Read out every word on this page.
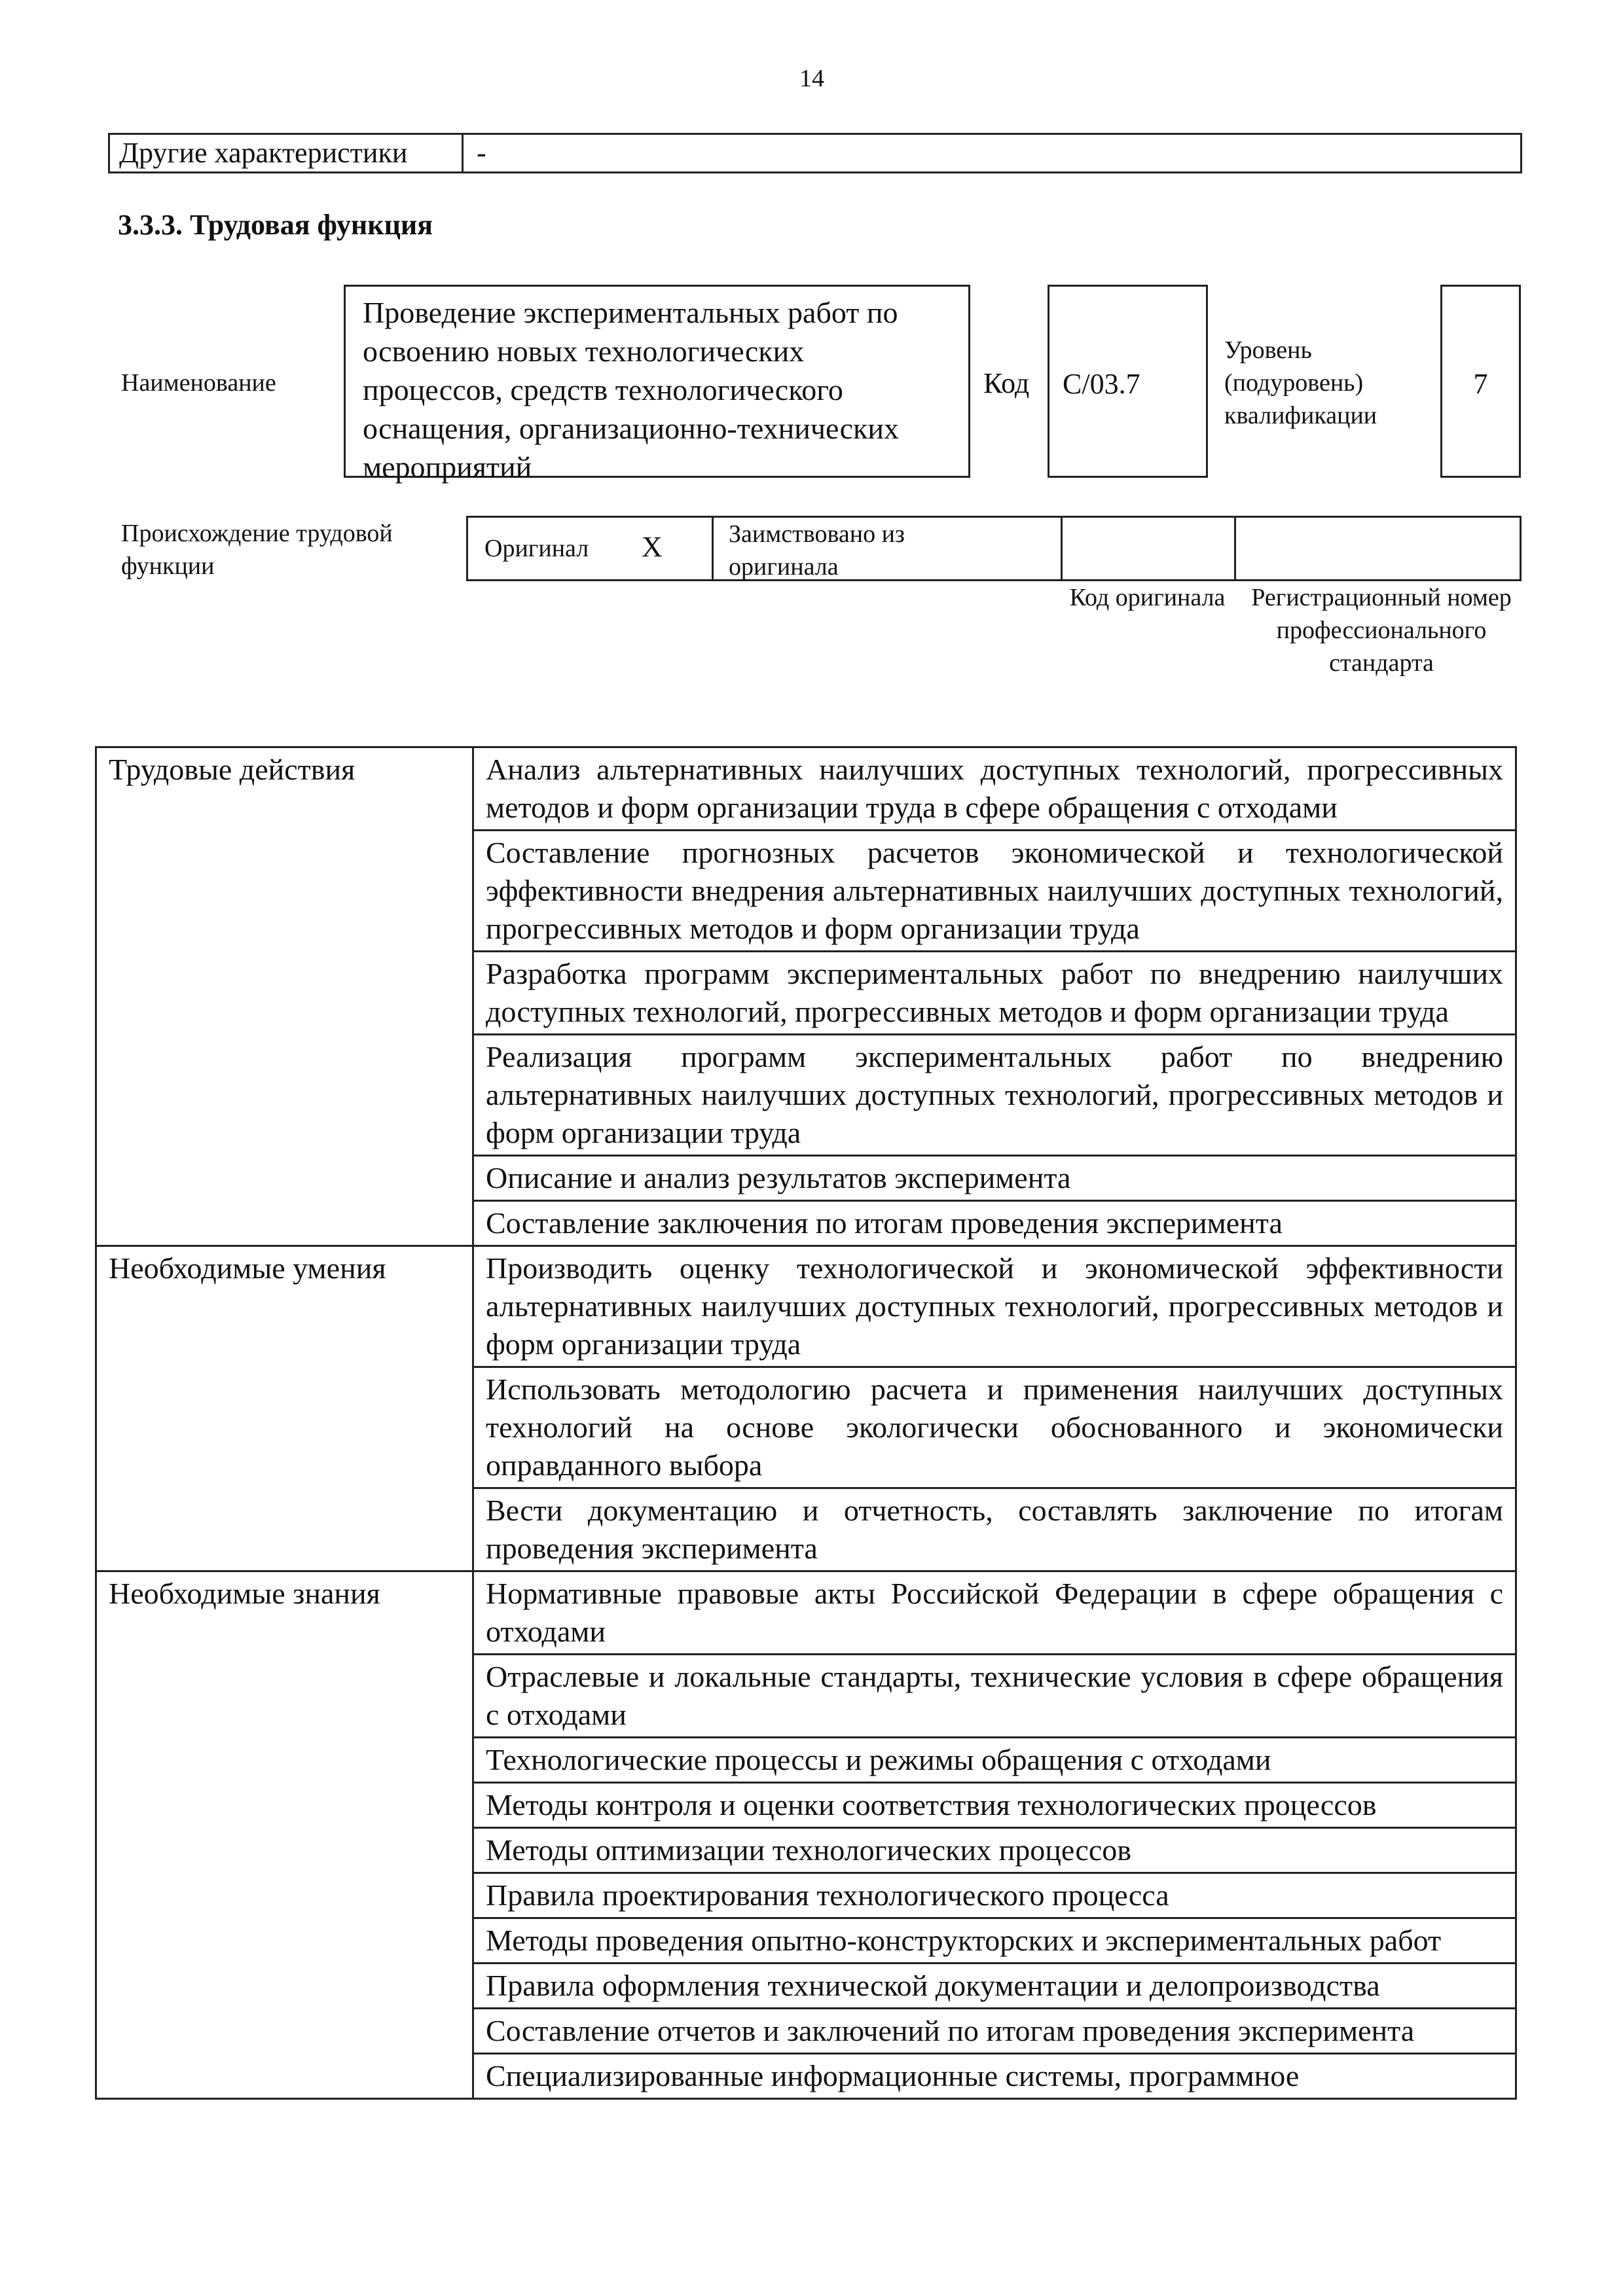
14
Другие характеристики	-
3.3.3. Трудовая функция
Наименование
Проведение экспериментальных работ по освоению новых технологических процессов, средств технологического оснащения, организационно-технических мероприятий
Код C/03.7
Уровень (подуровень) квалификации
7
Происхождение трудовой функции
Оригинал X	Заимствовано из оригинала
Код оригинала	Регистрационный номер профессионального стандарта
Трудовые действия	Анализ альтернативных наилучших доступных технологий, прогрессивных методов и форм организации труда в сфере обращения с отходами
	Составление прогнозных расчетов экономической и технологической эффективности внедрения альтернативных наилучших доступных технологий, прогрессивных методов и форм организации труда
	Разработка программ экспериментальных работ по внедрению наилучших доступных технологий, прогрессивных методов и форм организации труда
	Реализация программ экспериментальных работ по внедрению альтернативных наилучших доступных технологий, прогрессивных методов и форм организации труда
	Описание и анализ результатов эксперимента
	Составление заключения по итогам проведения эксперимента
Необходимые умения	Производить оценку технологической и экономической эффективности альтернативных наилучших доступных технологий, прогрессивных методов и форм организации труда
	Использовать методологию расчета и применения наилучших доступных технологий на основе экологически обоснованного и экономически оправданного выбора
	Вести документацию и отчетность, составлять заключение по итогам проведения эксперимента
Необходимые знания	Нормативные правовые акты Российской Федерации в сфере обращения с отходами
	Отраслевые и локальные стандарты, технические условия в сфере обращения с отходами
	Технологические процессы и режимы обращения с отходами
	Методы контроля и оценки соответствия технологических процессов
	Методы оптимизации технологических процессов
	Правила проектирования технологического процесса
	Методы проведения опытно-конструкторских и экспериментальных работ
	Правила оформления технической документации и делопроизводства
	Составление отчетов и заключений по итогам проведения эксперимента
	Специализированные информационные системы, программное
